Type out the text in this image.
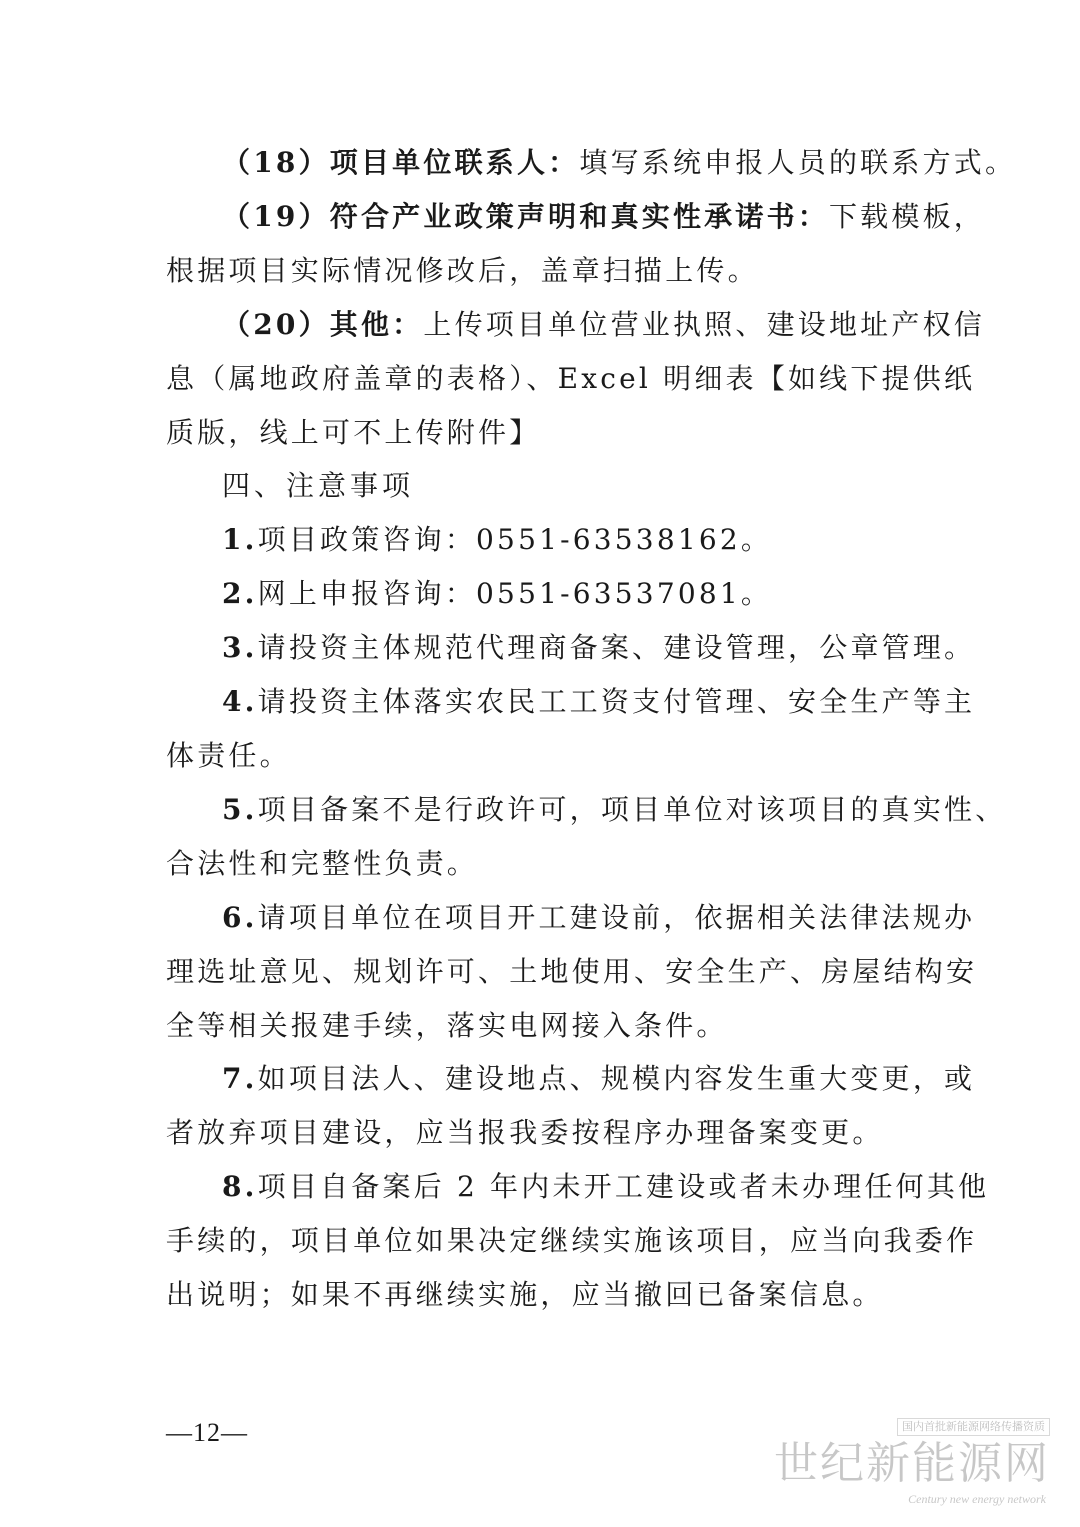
（18）项目单位联系人：填写系统申报人员的联系方式。
（19）符合产业政策声明和真实性承诺书：下载模板，
根据项目实际情况修改后，盖章扫描上传。
（20）其他：上传项目单位营业执照、建设地址产权信
息（属地政府盖章的表格）、Excel 明细表【如线下提供纸
质版，线上可不上传附件】
四、注意事项
1.项目政策咨询：0551-63538162。
2.网上申报咨询：0551-63537081。
3.请投资主体规范代理商备案、建设管理，公章管理。
4.请投资主体落实农民工工资支付管理、安全生产等主
体责任。
5.项目备案不是行政许可，项目单位对该项目的真实性、
合法性和完整性负责。
6.请项目单位在项目开工建设前，依据相关法律法规办
理选址意见、规划许可、土地使用、安全生产、房屋结构安
全等相关报建手续，落实电网接入条件。
7.如项目法人、建设地点、规模内容发生重大变更，或
者放弃项目建设，应当报我委按程序办理备案变更。
8.项目自备案后 2 年内未开工建设或者未办理任何其他
手续的，项目单位如果决定继续实施该项目，应当向我委作
出说明；如果不再继续实施，应当撤回已备案信息。
—12—	国内首批新能源网络传播资质
世纪新能源网
Century new energy network
